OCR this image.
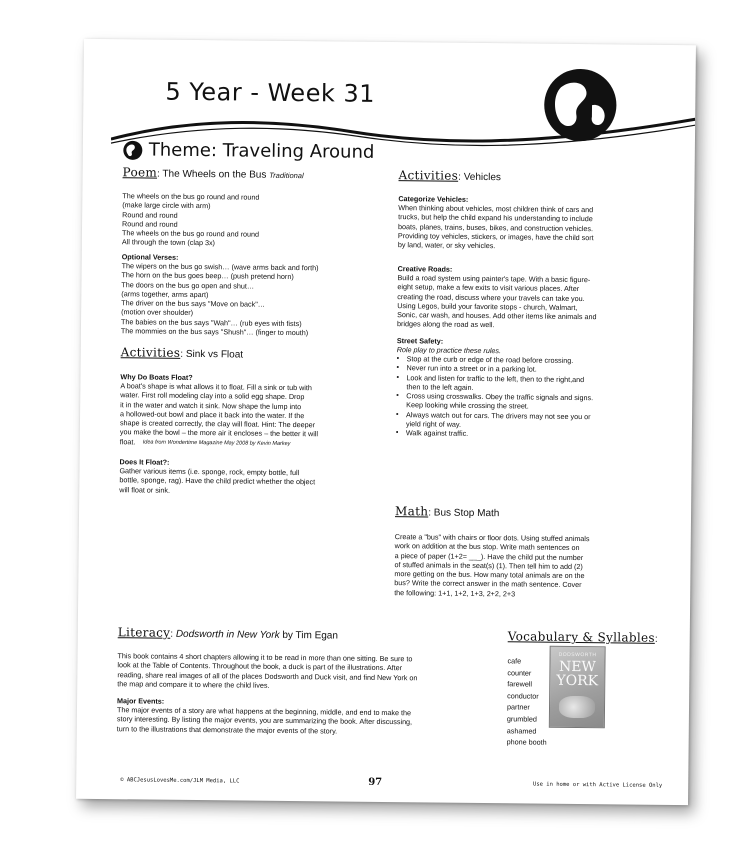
5 Year - Week 31
Theme: Traveling Around
Poem: The Wheels on the Bus Traditional
The wheels on the bus go round and round
(make large circle with arm)
Round and round
Round and round
The wheels on the bus go round and round
All through the town (clap 3x)
Optional Verses:
The wipers on the bus go swish… (wave arms back and forth)
The horn on the bus goes beep… (push pretend horn)
The doors on the bus go open and shut…
(arms together, arms apart)
The driver on the bus says "Move on back"…
(motion over shoulder)
The babies on the bus says "Wah"… (rub eyes with fists)
The mommies on the bus says "Shush"… (finger to mouth)
Activities: Sink vs Float
Why Do Boats Float?
A boat's shape is what allows it to float. Fill a sink or tub with
water. First roll modeling clay into a solid egg shape. Drop
it in the water and watch it sink. Now shape the lump into
a hollowed-out bowl and place it back into the water. If the
shape is created correctly, the clay will float. Hint: The deeper
you make the bowl – the more air it encloses – the better it will
float.	Idea from Wondertime Magazine May 2008 by Kevin Markey
Does It Float?:
Gather various items (i.e. sponge, rock, empty bottle, full
bottle, sponge, rag). Have the child predict whether the object
will float or sink.
Activities: Vehicles
Categorize Vehicles:
When thinking about vehicles, most children think of cars and
trucks, but help the child expand his understanding to include
boats, planes, trains, buses, bikes, and construction vehicles.
Providing toy vehicles, stickers, or images, have the child sort
by land, water, or sky vehicles.
Creative Roads:
Build a road system using painter's tape. With a basic figure-
eight setup, make a few exits to visit various places. After
creating the road, discuss where your travels can take you.
Using Legos, build your favorite stops - church, Walmart,
Sonic, car wash, and houses. Add other items like animals and
bridges along the road as well.
Street Safety:
Role play to practice these rules.
▪ Stop at the curb or edge of the road before crossing.
▪ Never run into a street or in a parking lot.
▪ Look and listen for traffic to the left, then to the right,and
then to the left again.
▪ Cross using crosswalks. Obey the traffic signals and signs.
Keep looking while crossing the street.
▪ Always watch out for cars. The drivers may not see you or
yield right of way.
▪ Walk against traffic.
Math: Bus Stop Math
Create a "bus" with chairs or floor dots. Using stuffed animals
work on addition at the bus stop. Write math sentences on
a piece of paper (1+2= ___). Have the child put the number
of stuffed animals in the seat(s) (1). Then tell him to add (2)
more getting on the bus. How many total animals are on the
bus? Write the correct answer in the math sentence. Cover
the following: 1+1, 1+2, 1+3, 2+2, 2+3
Literacy: Dodsworth in New York by Tim Egan
This book contains 4 short chapters allowing it to be read in more than one sitting. Be sure to
look at the Table of Contents. Throughout the book, a duck is part of the illustrations. After
reading, share real images of all of the places Dodsworth and Duck visit, and find New York on
the map and compare it to where the child lives.
Major Events:
The major events of a story are what happens at the beginning, middle, and end to make the
story interesting. By listing the major events, you are summarizing the book. After discussing,
turn to the illustrations that demonstrate the major events of the story.
Vocabulary & Syllables:
cafe
counter
farewell
conductor
partner
grumbled
ashamed
phone booth
DODSWORTH
NEW
YORK
© ABCJesusLovesMe.com/JLM Media, LLC	97	Use in home or with Active License Only
